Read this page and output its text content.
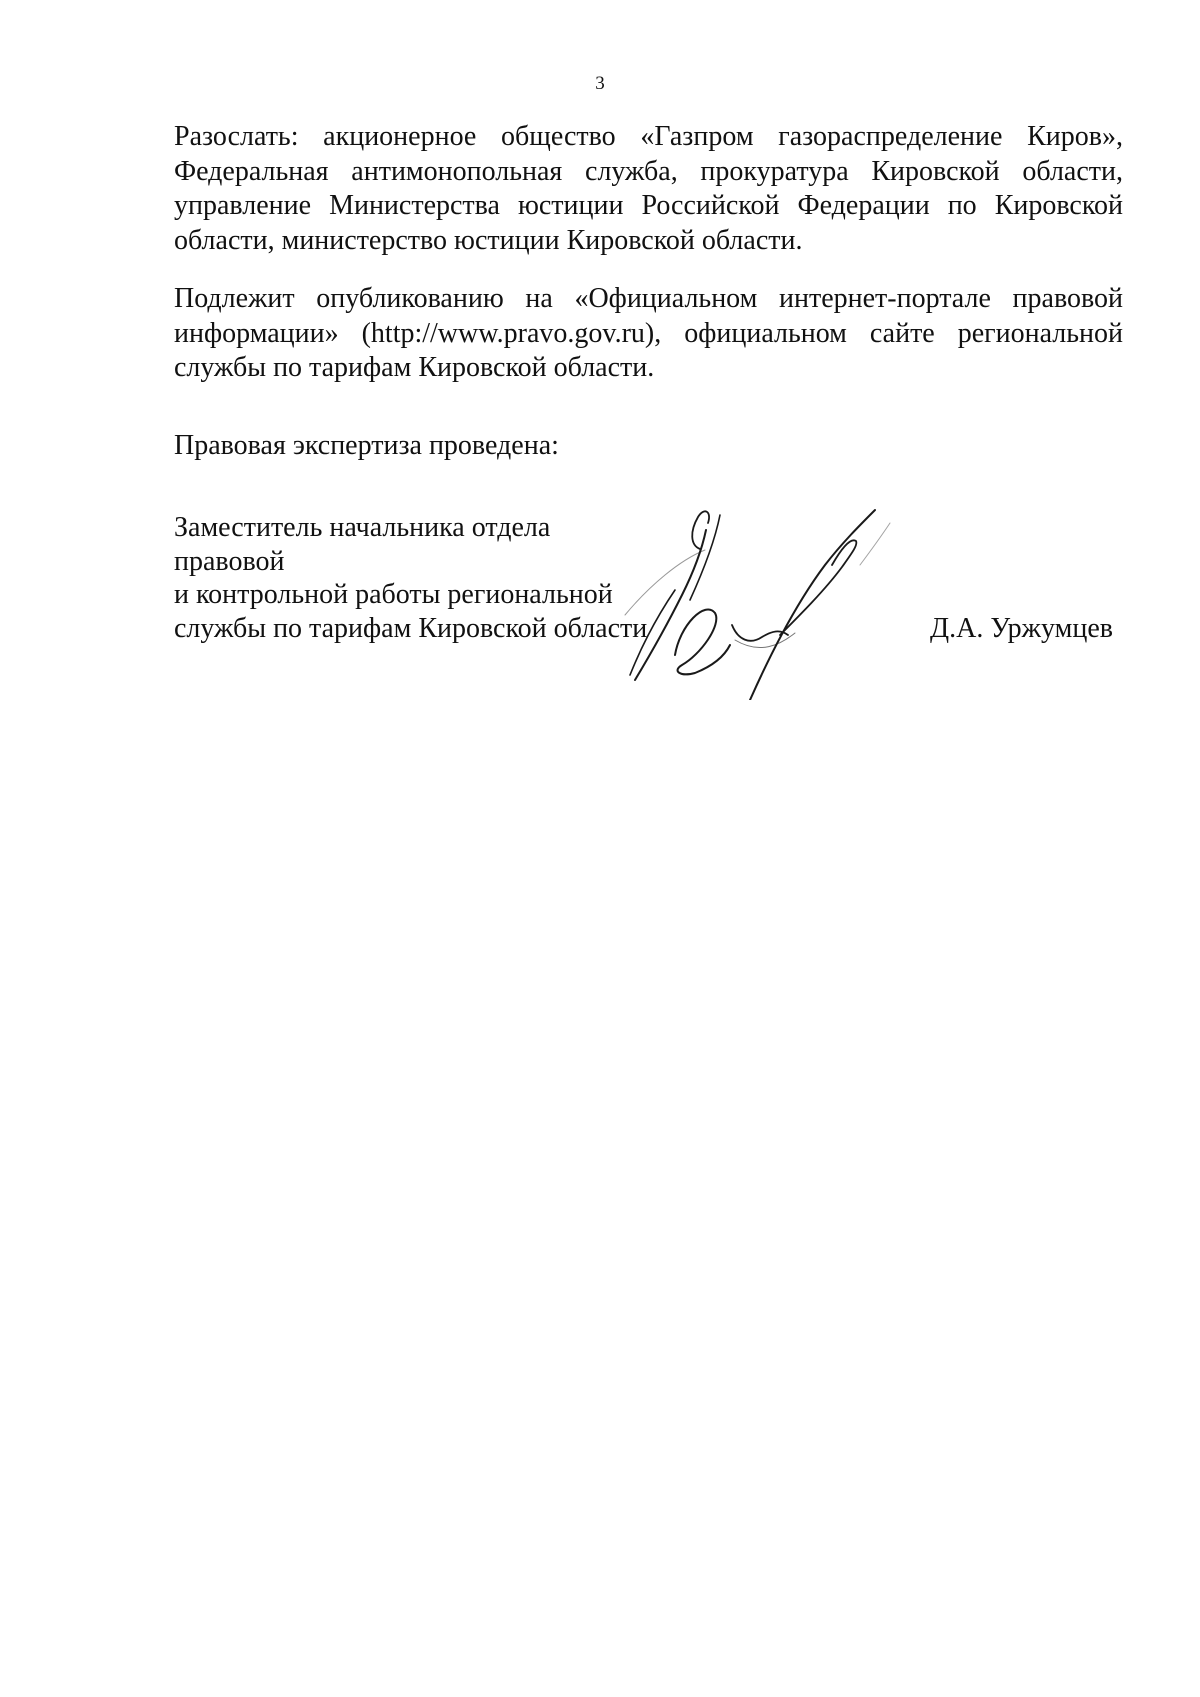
3

Разослать: акционерное общество «Газпром газораспределение Киров», Федеральная антимонопольная служба, прокуратура Кировской области, управление Министерства юстиции Российской Федерации по Кировской области, министерство юстиции Кировской области.

Подлежит опубликованию на «Официальном интернет-портале правовой информации» (http://www.pravo.gov.ru), официальном сайте региональной службы по тарифам Кировской области.

Правовая экспертиза проведена:

Заместитель начальника отдела
правовой
и контрольной работы региональной
службы по тарифам Кировской области	Д.А. Уржумцев
